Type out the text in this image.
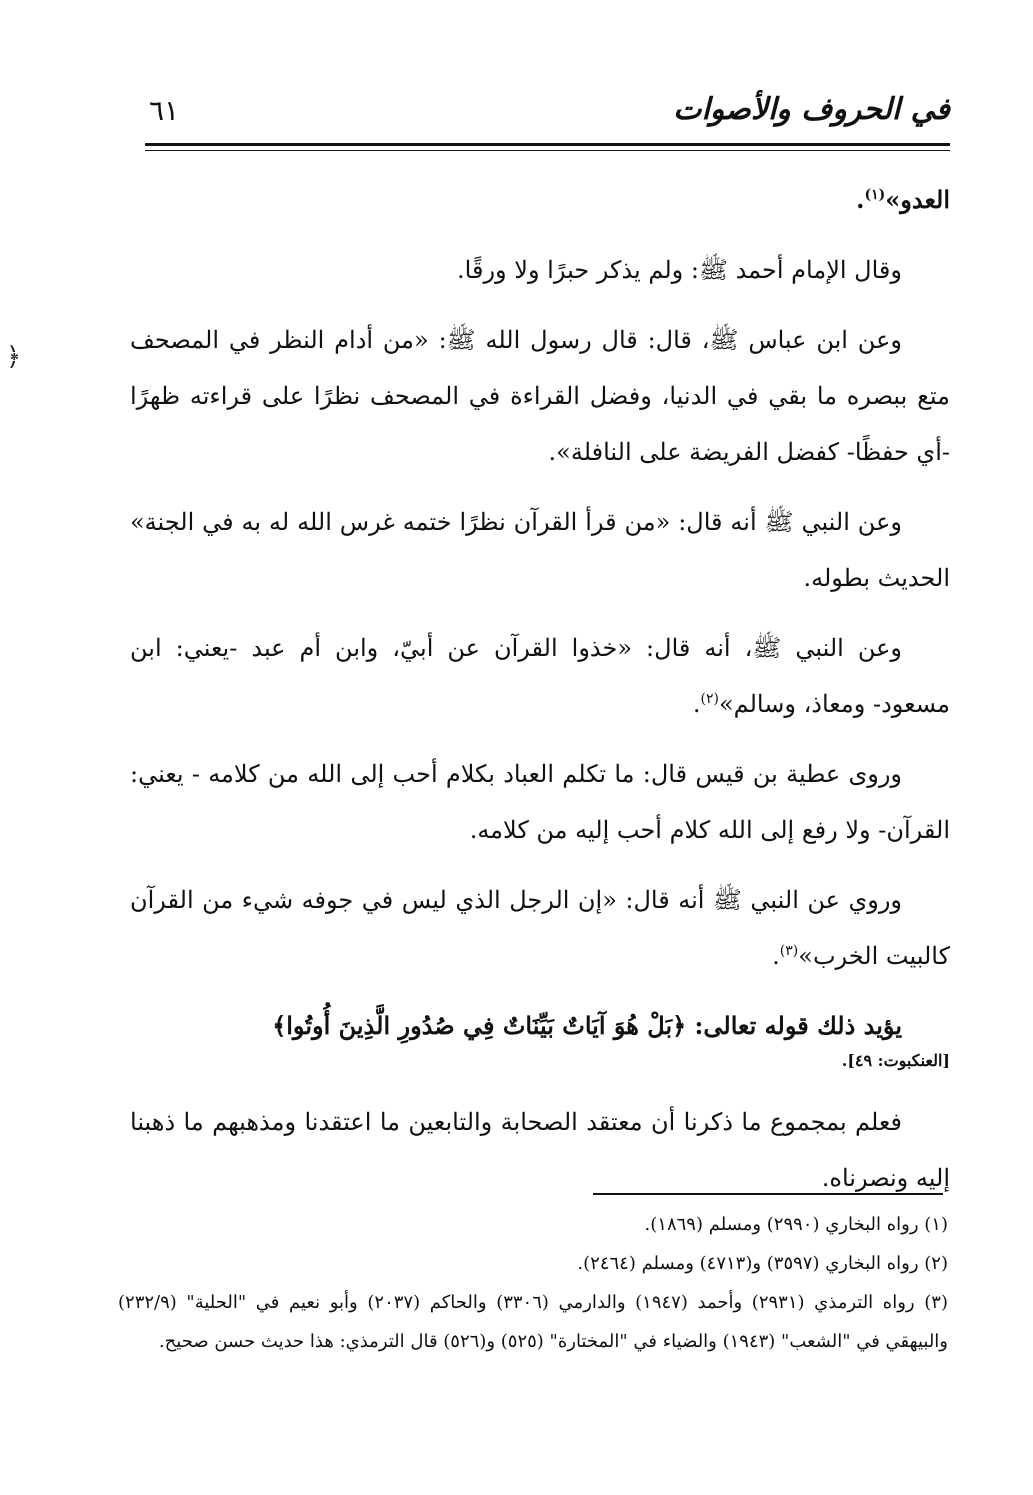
في الحروف والأصوات
٦١
﴿

العدو»$^{(١)}$.

وقال الإمام أحمد ﷺ: ولم يذكر حبرًا ولا ورقًا.

وعن ابن عباس ﷺ، قال: قال رسول الله ﷺ: «من أدام النظر في المصحف متع ببصره ما بقي في الدنيا، وفضل القراءة في المصحف نظرًا على قراءته ظهرًا -أي حفظًا- كفضل الفريضة على النافلة».

وعن النبي ﷺ أنه قال: «من قرأ القرآن نظرًا ختمه غرس الله له به في الجنة» الحديث بطوله.

وعن النبي ﷺ، أنه قال: «خذوا القرآن عن أبيّ، وابن أم عبد -يعني: ابن مسعود- ومعاذ، وسالم»$^{(٢)}$.

وروى عطية بن قيس قال: ما تكلم العباد بكلام أحب إلى الله من كلامه - يعني: القرآن- ولا رفع إلى الله كلام أحب إليه من كلامه.

وروي عن النبي ﷺ أنه قال: «إن الرجل الذي ليس في جوفه شيء من القرآن كالبيت الخرب»$^{(٣)}$.

يؤيد ذلك قوله تعالى: ﴿بَلْ هُوَ آيَاتٌ بَيِّنَاتٌ فِي صُدُورِ الَّذِينَ أُوتُوا﴾

[العنكبوت: ٤٩].

فعلم بمجموع ما ذكرنا أن معتقد الصحابة والتابعين ما اعتقدنا ومذهبهم ما ذهبنا إليه ونصرناه.

(١) رواه البخاري (٢٩٩٠) ومسلم (١٨٦٩).

(٢) رواه البخاري (٣٥٩٧) و(٤٧١٣) ومسلم (٢٤٦٤).

(٣) رواه الترمذي (٢٩٣١) وأحمد (١٩٤٧) والدارمي (٣٣٠٦) والحاكم (٢٠٣٧) وأبو نعيم في "الحلية" (٢٣٢/٩) والبيهقي في "الشعب" (١٩٤٣) والضياء في "المختارة" (٥٢٥) و(٥٢٦) قال الترمذي: هذا حديث حسن صحيح.
